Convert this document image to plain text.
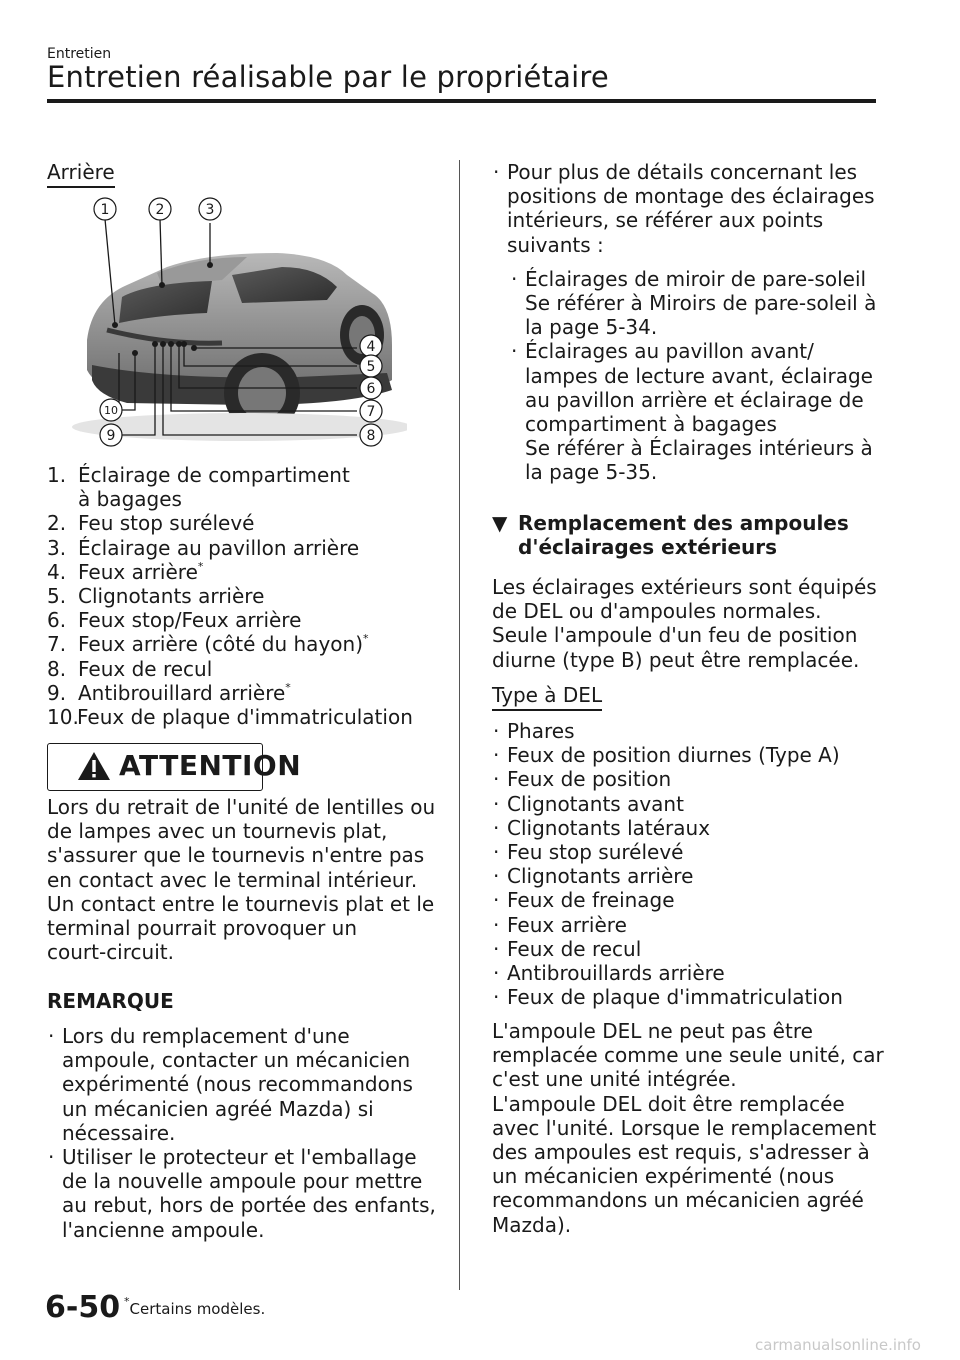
Entretien
Entretien réalisable par le propriétaire
Arrière
1	2	3
4
5
6
7
8
9
10
1. Éclairage de compartiment à bagages
2. Feu stop surélevé
3. Éclairage au pavillon arrière
4. Feux arrière*
5. Clignotants arrière
6. Feux stop/Feux arrière
7. Feux arrière (côté du hayon)*
8. Feux de recul
9. Antibrouillard arrière*
10.
Feux de plaque d'immatriculation
ATTENTION
Lors du retrait de l'unité de lentilles ou
de lampes avec un tournevis plat,
s'assurer que le tournevis n'entre pas
en contact avec le terminal intérieur.
Un contact entre le tournevis plat et le
terminal pourrait provoquer un
court-circuit.
REMARQUE
· Lors du remplacement d'une
ampoule, contacter un mécanicien
expérimenté (nous recommandons
un mécanicien agréé Mazda) si
nécessaire.
· Utiliser le protecteur et l'emballage
de la nouvelle ampoule pour mettre
au rebut, hors de portée des enfants,
l'ancienne ampoule.
· Pour plus de détails concernant les
positions de montage des éclairages
intérieurs, se référer aux points
suivants :
· Éclairages de miroir de pare-soleil
Se référer à Miroirs de pare-soleil à
la page 5-34.
· Éclairages au pavillon avant/
lampes de lecture avant, éclairage
au pavillon arrière et éclairage de
compartiment à bagages
Se référer à Éclairages intérieurs à
la page 5-35.
▼ Remplacement des ampoules
d'éclairages extérieurs
Les éclairages extérieurs sont équipés
de DEL ou d'ampoules normales.
Seule l'ampoule d'un feu de position
diurne (type B) peut être remplacée.
Type à DEL
· Phares
· Feux de position diurnes (Type A)
· Feux de position
· Clignotants avant
· Clignotants latéraux
· Feu stop surélevé
· Clignotants arrière
· Feux de freinage
· Feux arrière
· Feux de recul
· Antibrouillards arrière
· Feux de plaque d'immatriculation
L'ampoule DEL ne peut pas être
remplacée comme une seule unité, car
c'est une unité intégrée.
L'ampoule DEL doit être remplacée
avec l'unité. Lorsque le remplacement
des ampoules est requis, s'adresser à
un mécanicien expérimenté (nous
recommandons un mécanicien agréé
Mazda).
6-50 *Certains modèles.
carmanualsonline.info
